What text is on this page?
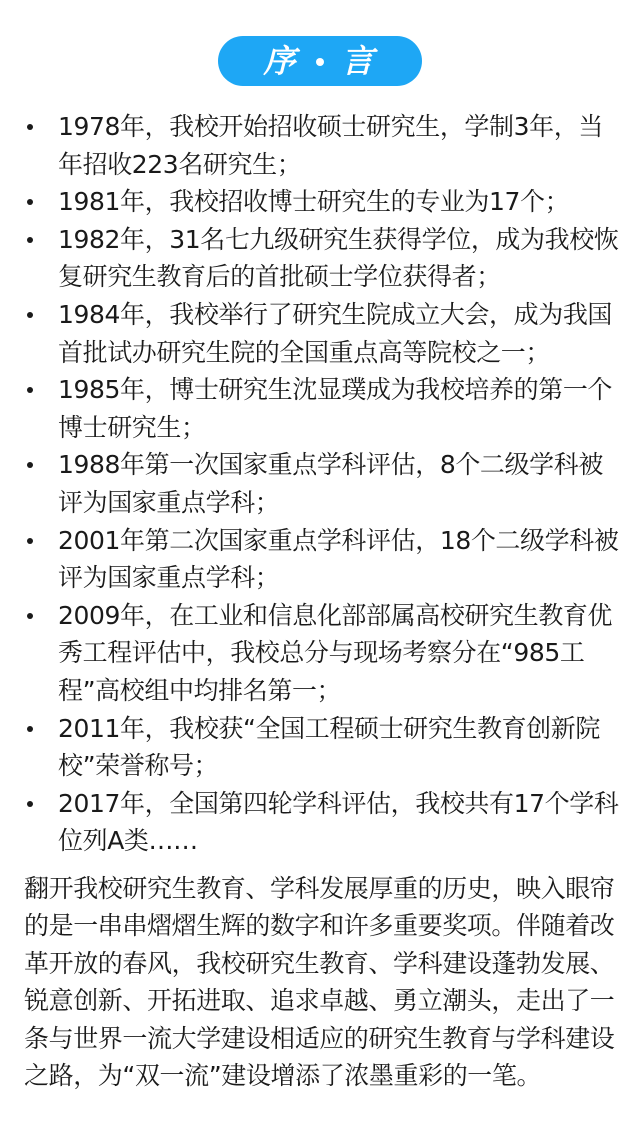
序 言
1978年，我校开始招收硕士研究生，学制3年，当年招收223名研究生；
1981年，我校招收博士研究生的专业为17个；
1982年，31名七九级研究生获得学位，成为我校恢复研究生教育后的首批硕士学位获得者；
1984年，我校举行了研究生院成立大会，成为我国首批试办研究生院的全国重点高等院校之一；
1985年，博士研究生沈显璞成为我校培养的第一个博士研究生；
1988年第一次国家重点学科评估，8个二级学科被评为国家重点学科；
2001年第二次国家重点学科评估，18个二级学科被评为国家重点学科；
2009年，在工业和信息化部部属高校研究生教育优秀工程评估中，我校总分与现场考察分在“985工程”高校组中均排名第一；
2011年，我校获“全国工程硕士研究生教育创新院校”荣誉称号；
2017年，全国第四轮学科评估，我校共有17个学科位列A类……

翻开我校研究生教育、学科发展厚重的历史，映入眼帘的是一串串熠熠生辉的数字和许多重要奖项。伴随着改革开放的春风，我校研究生教育、学科建设蓬勃发展、锐意创新、开拓进取、追求卓越、勇立潮头，走出了一条与世界一流大学建设相适应的研究生教育与学科建设之路，为“双一流”建设增添了浓墨重彩的一笔。
